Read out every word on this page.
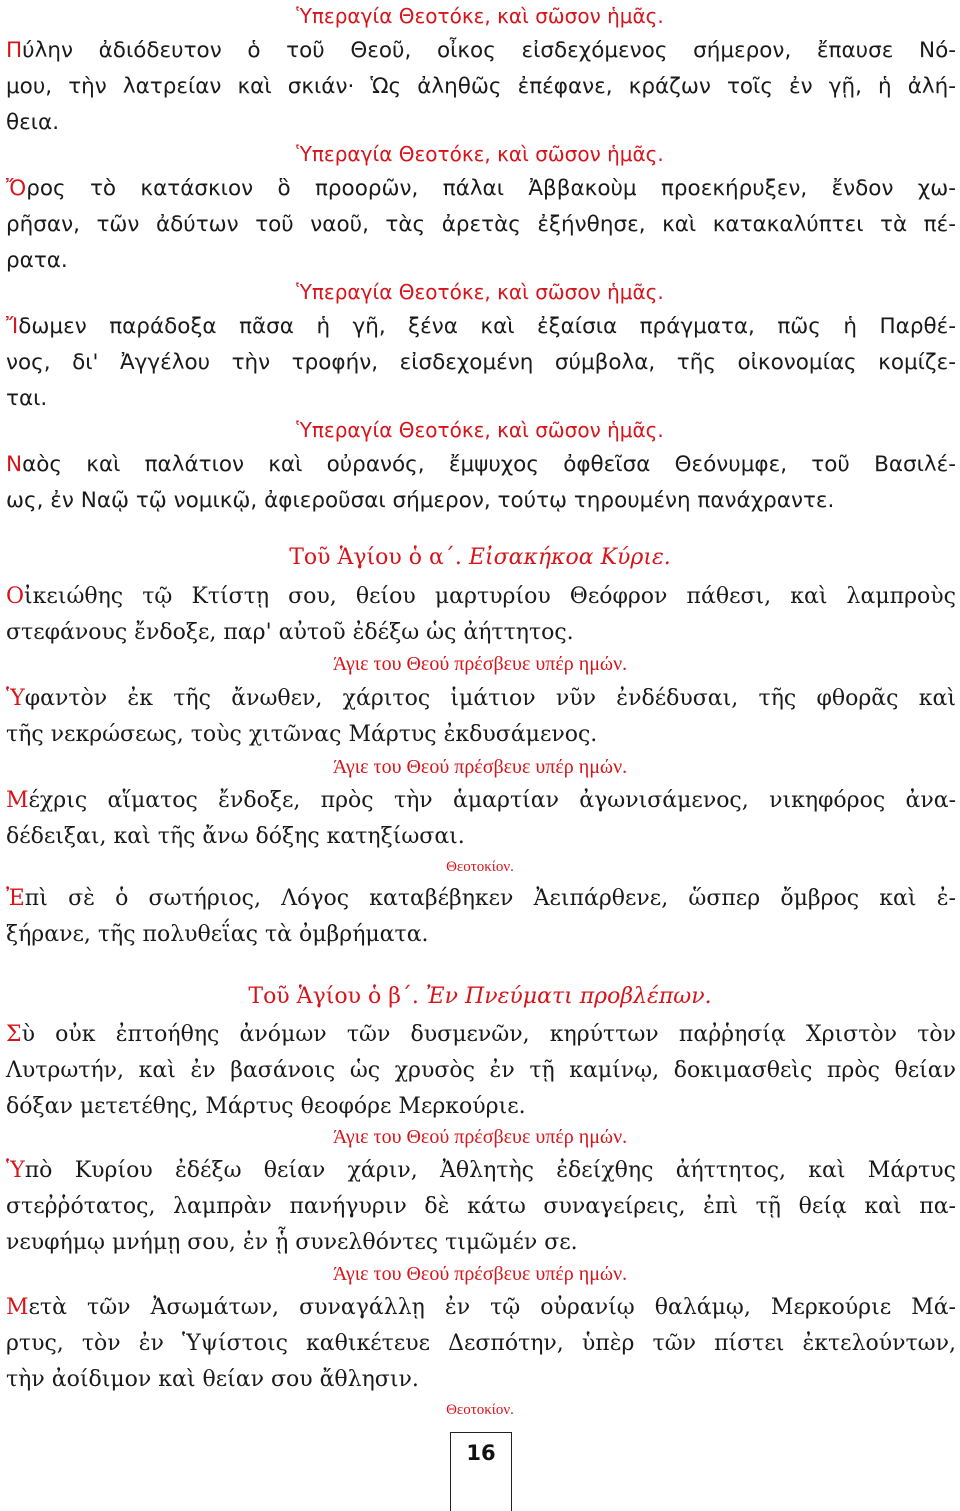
Ὑπεραγία Θεοτόκε, καὶ σῶσον ἡμᾶς.
Πύλην ἀδιόδευτον ὁ τοῦ Θεοῦ, οἶκος εἰσδεχόμενος σήμερον, ἔπαυσε Νό-
μου, τὴν λατρείαν καὶ σκιάν· Ὡς ἀληθῶς ἐπέφανε, κράζων τοῖς ἐν γῇ, ἡ ἀλή-
θεια.
Ὑπεραγία Θεοτόκε, καὶ σῶσον ἡμᾶς.
Ὄρος τὸ κατάσκιον ὃ προορῶν, πάλαι Ἀββακοὺμ προεκήρυξεν, ἔνδον χω-
ρῆσαν, τῶν ἀδύτων τοῦ ναοῦ, τὰς ἀρετὰς ἐξήνθησε, καὶ κατακαλύπτει τὰ πέ-
ρατα.
Ὑπεραγία Θεοτόκε, καὶ σῶσον ἡμᾶς.
Ἴδωμεν παράδοξα πᾶσα ἡ γῆ, ξένα καὶ ἐξαίσια πράγματα, πῶς ἡ Παρθέ-
νος, δι' Ἀγγέλου τὴν τροφήν, εἰσδεχομένη σύμβολα, τῆς οἰκονομίας κομίζε-
ται.
Ὑπεραγία Θεοτόκε, καὶ σῶσον ἡμᾶς.
Ναὸς καὶ παλάτιον καὶ οὐρανός, ἔμψυχος ὀφθεῖσα Θεόνυμφε, τοῦ Βασιλέ-
ως, ἐν Ναῷ τῷ νομικῷ, ἀφιεροῦσαι σήμερον, τούτῳ τηρουμένη πανάχραντε.
Τοῦ Ἁγίου ὁ α΄. Εἰσακήκοα Κύριε.
Οἰκειώθης τῷ Κτίστῃ σου, θείου μαρτυρίου Θεόφρον πάθεσι, καὶ λαμπροὺς
στεφάνους ἔνδοξε, παρ' αὐτοῦ ἐδέξω ὡς ἀήττητος.
Άγιε του Θεού πρέσβευε υπέρ ημών.
Ὑφαντὸν ἐκ τῆς ἄνωθεν, χάριτος ἱμάτιον νῦν ἐνδέδυσαι, τῆς φθορᾶς καὶ
τῆς νεκρώσεως, τοὺς χιτῶνας Μάρτυς ἐκδυσάμενος.
Άγιε του Θεού πρέσβευε υπέρ ημών.
Μέχρις αἵματος ἔνδοξε, πρὸς τὴν ἁμαρτίαν ἀγωνισάμενος, νικηφόρος ἀνα-
δέδειξαι, καὶ τῆς ἄνω δόξης κατηξίωσαι.
Θεοτοκίον.
Ἐπὶ σὲ ὁ σωτήριος, Λόγος καταβέβηκεν Ἀειπάρθενε, ὥσπερ ὄμβρος καὶ ἐ-
ξήρανε, τῆς πολυθεΐας τὰ ὀμβρήματα.
Τοῦ Ἁγίου ὁ β΄. Ἐν Πνεύματι προβλέπων.
Σὺ οὐκ ἐπτοήθης ἀνόμων τῶν δυσμενῶν, κηρύττων παῤῥησίᾳ Χριστὸν τὸν
Λυτρωτήν, καὶ ἐν βασάνοις ὡς χρυσὸς ἐν τῇ καμίνῳ, δοκιμασθεὶς πρὸς θείαν
δόξαν μετετέθης, Μάρτυς θεοφόρε Μερκούριε.
Άγιε του Θεού πρέσβευε υπέρ ημών.
Ὑπὸ Κυρίου ἐδέξω θείαν χάριν, Ἀθλητὴς ἐδείχθης ἀήττητος, καὶ Μάρτυς
στεῤῥότατος, λαμπρὰν πανήγυριν δὲ κάτω συναγείρεις, ἐπὶ τῇ θείᾳ καὶ πα-
νευφήμῳ μνήμῃ σου, ἐν ᾗ συνελθόντες τιμῶμέν σε.
Άγιε του Θεού πρέσβευε υπέρ ημών.
Μετὰ τῶν Ἀσωμάτων, συναγάλλῃ ἐν τῷ οὐρανίῳ θαλάμῳ, Μερκούριε Μά-
ρτυς, τὸν ἐν Ὑψίστοις καθικέτευε Δεσπότην, ὑπὲρ τῶν πίστει ἐκτελούντων,
τὴν ἀοίδιμον καὶ θείαν σου ἄθλησιν.
Θεοτοκίον.
16
